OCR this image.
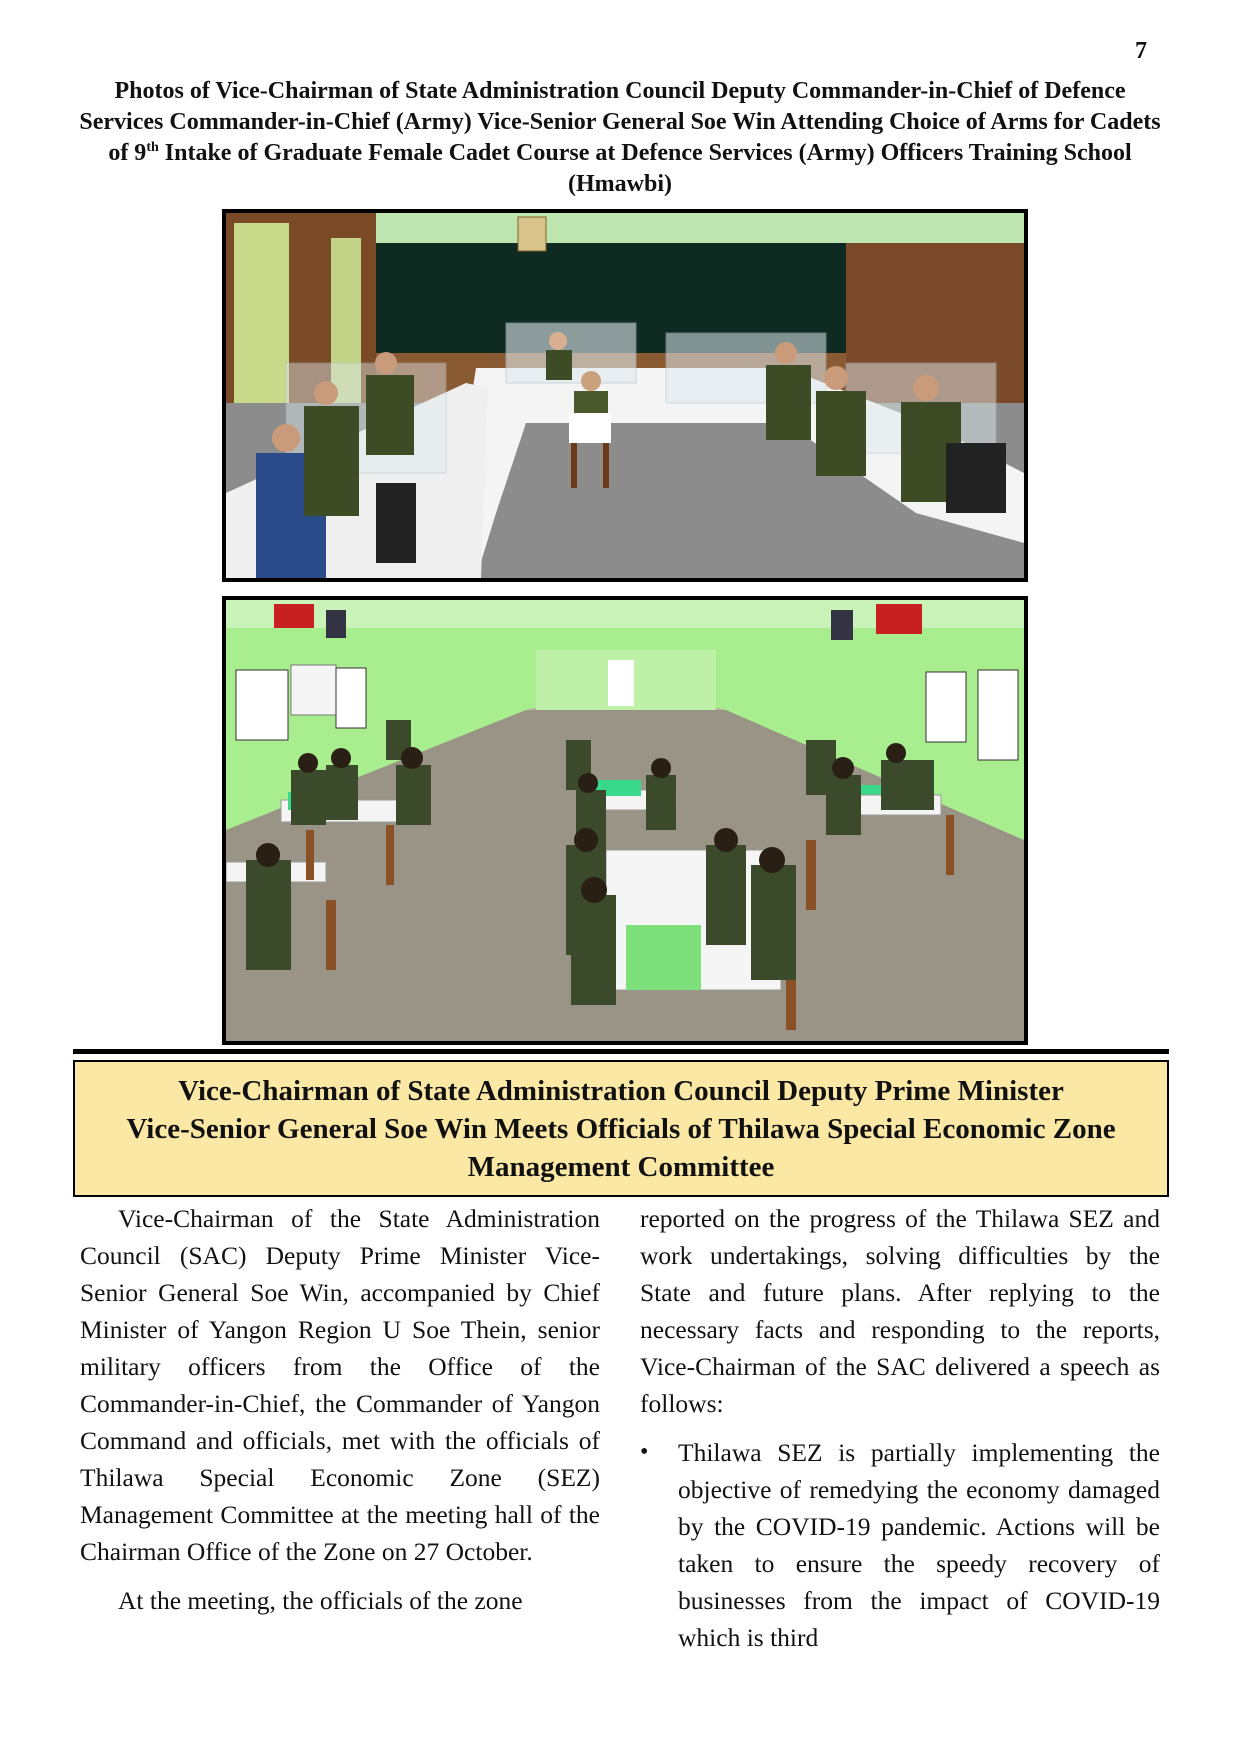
7
Photos of Vice-Chairman of State Administration Council Deputy Commander-in-Chief of Defence Services Commander-in-Chief (Army) Vice-Senior General Soe Win Attending Choice of Arms for Cadets of 9th Intake of Graduate Female Cadet Course at Defence Services (Army) Officers Training School (Hmawbi)
Vice-Chairman of State Administration Council Deputy Prime Minister
Vice-Senior General Soe Win Meets Officials of Thilawa Special Economic Zone
Management Committee

Vice-Chairman of the State Administration Council (SAC) Deputy Prime Minister Vice-Senior General Soe Win, accompanied by Chief Minister of Yangon Region U Soe Thein, senior military officers from the Office of the Commander-in-Chief, the Commander of Yangon Command and officials, met with the officials of Thilawa Special Economic Zone (SEZ) Management Committee at the meeting hall of the Chairman Office of the Zone on 27 October.

At the meeting, the officials of the zone

reported on the progress of the Thilawa SEZ and work undertakings, solving difficulties by the State and future plans. After replying to the necessary facts and responding to the reports, Vice-Chairman of the SAC delivered a speech as follows:

• Thilawa SEZ is partially implementing the objective of remedying the economy damaged by the COVID-19 pandemic. Actions will be taken to ensure the speedy recovery of businesses from the impact of COVID-19 which is third
